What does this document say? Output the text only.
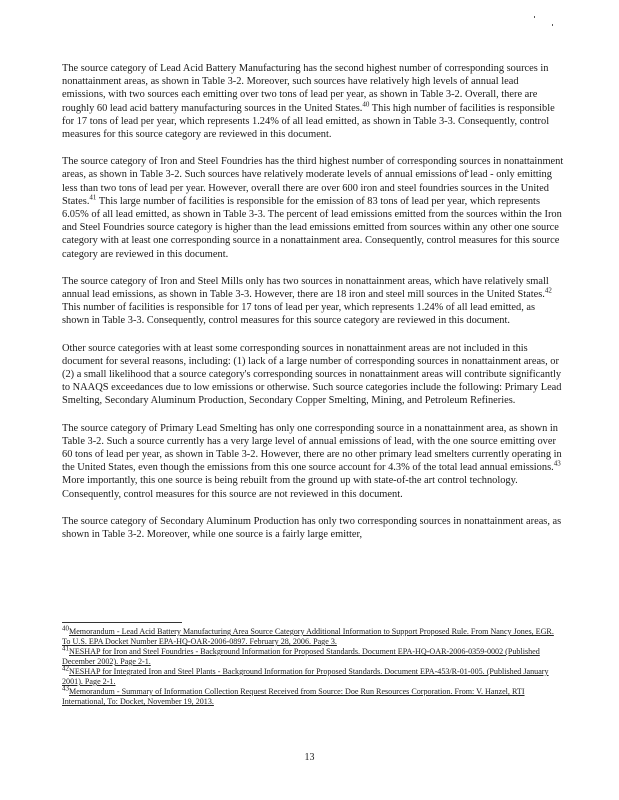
The source category of Lead Acid Battery Manufacturing has the second highest number of corresponding sources in nonattainment areas, as shown in Table 3-2. Moreover, such sources have relatively high levels of annual lead emissions, with two sources each emitting over two tons of lead per year, as shown in Table 3-2. Overall, there are roughly 60 lead acid battery manufacturing sources in the United States.$^{40}$ This high number of facilities is responsible for 17 tons of lead per year, which represents 1.24% of all lead emitted, as shown in Table 3-3. Consequently, control measures for this source category are reviewed in this document.

The source category of Iron and Steel Foundries has the third highest number of corresponding sources in nonattainment areas, as shown in Table 3-2. Such sources have relatively moderate levels of annual emissions of lead - only emitting less than two tons of lead per year. However, overall there are over 600 iron and steel foundries sources in the United States.$^{41}$ This large number of facilities is responsible for the emission of 83 tons of lead per year, which represents 6.05% of all lead emitted, as shown in Table 3-3. The percent of lead emissions emitted from the sources within the Iron and Steel Foundries source category is higher than the lead emissions emitted from sources within any other one source category with at least one corresponding source in a nonattainment area. Consequently, control measures for this source category are reviewed in this document.

The source category of Iron and Steel Mills only has two sources in nonattainment areas, which have relatively small annual lead emissions, as shown in Table 3-3. However, there are 18 iron and steel mill sources in the United States.$^{42}$ This number of facilities is responsible for 17 tons of lead per year, which represents 1.24% of all lead emitted, as shown in Table 3-3. Consequently, control measures for this source category are reviewed in this document.

Other source categories with at least some corresponding sources in nonattainment areas are not included in this document for several reasons, including: (1) lack of a large number of corresponding sources in nonattainment areas, or (2) a small likelihood that a source category's corresponding sources in nonattainment areas will contribute significantly to NAAQS exceedances due to low emissions or otherwise. Such source categories include the following: Primary Lead Smelting, Secondary Aluminum Production, Secondary Copper Smelting, Mining, and Petroleum Refineries.

The source category of Primary Lead Smelting has only one corresponding source in a nonattainment area, as shown in Table 3-2. Such a source currently has a very large level of annual emissions of lead, with the one source emitting over 60 tons of lead per year, as shown in Table 3-2. However, there are no other primary lead smelters currently operating in the United States, even though the emissions from this one source account for 4.3% of the total lead annual emissions.$^{43}$ More importantly, this one source is being rebuilt from the ground up with state-of-the art control technology. Consequently, control measures for this source are not reviewed in this document.

The source category of Secondary Aluminum Production has only two corresponding sources in nonattainment areas, as shown in Table 3-2. Moreover, while one source is a fairly large emitter,

$^{40}$Memorandum - Lead Acid Battery Manufacturing Area Source Category Additional Information to Support Proposed Rule. From Nancy Jones, EGR. To U.S. EPA Docket Number EPA-HQ-OAR-2006-0897. February 28, 2006. Page 3.

$^{41}$NESHAP for Iron and Steel Foundries - Background Information for Proposed Standards. Document EPA-HQ-OAR-2006-0359-0002 (Published December 2002). Page 2-1.

$^{42}$NESHAP for Integrated Iron and Steel Plants - Background Information for Proposed Standards. Document EPA-453/R-01-005. (Published January 2001). Page 2-1.

$^{43}$Memorandum - Summary of Information Collection Request Received from Source: Doe Run Resources Corporation. From: V. Hanzel, RTI International, To: Docket, November 19, 2013.

13
